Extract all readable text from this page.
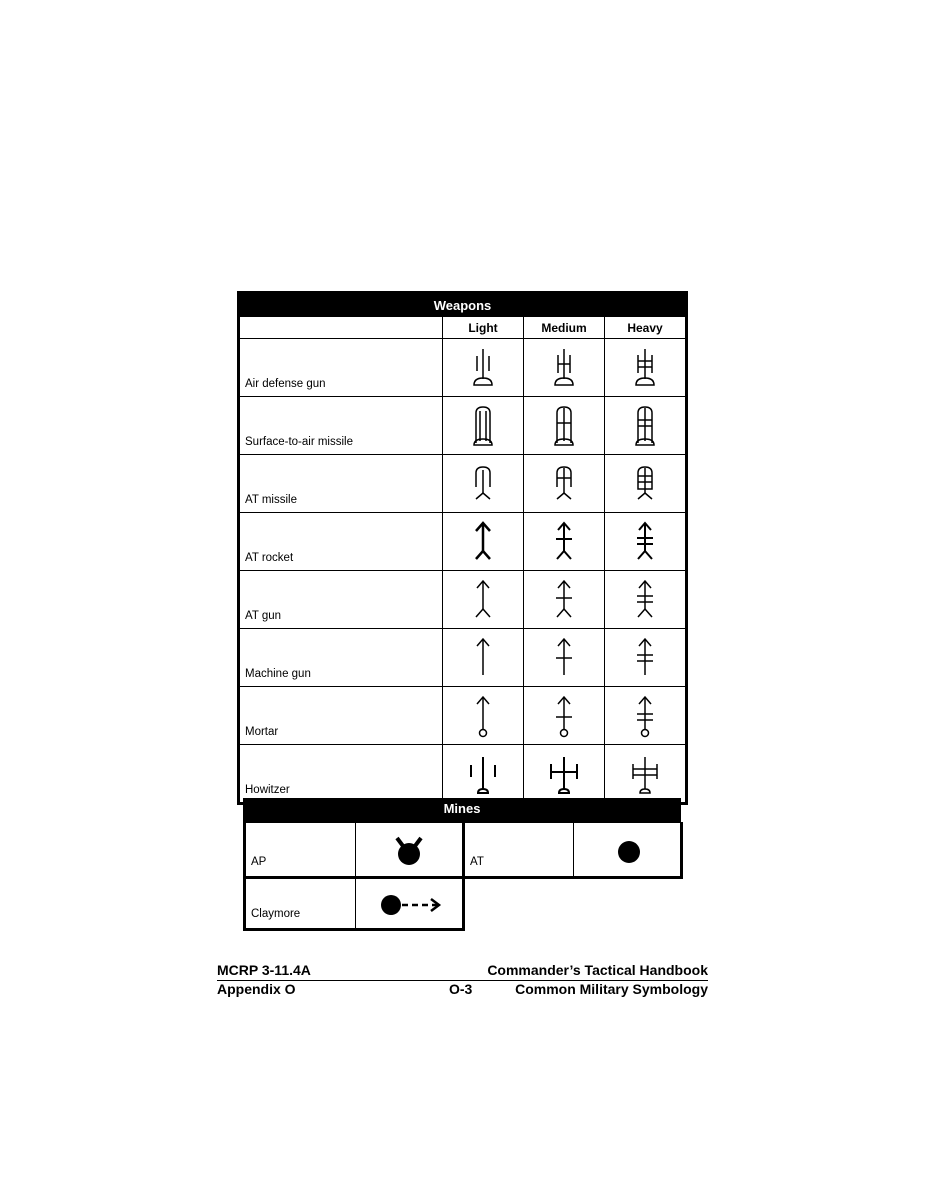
Weapons			
	Light	Medium	Heavy
Air defense gun	

Surface-to-air missile	

AT missile	

AT rocket	

AT gun	

Machine gun	

Mortar	

Howitzer	

Mines
AP	AT
Claymore
MCRP 3-11.4A	Commander’s Tactical Handbook
Appendix O	O-3	Common Military Symbology
